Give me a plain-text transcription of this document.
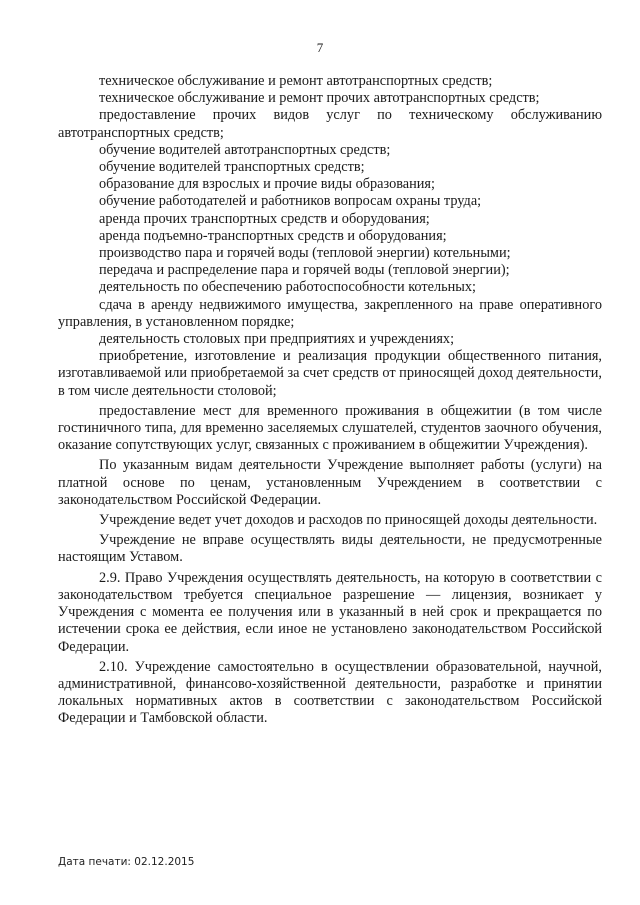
7

техническое обслуживание и ремонт автотранспортных средств;

техническое обслуживание и ремонт прочих автотранспортных средств;

предоставление прочих видов услуг по техническому обслуживанию автотранспортных средств;

обучение водителей автотранспортных средств;

обучение водителей транспортных средств;

образование для взрослых и прочие виды образования;

обучение работодателей и работников вопросам охраны труда;

аренда прочих транспортных средств и оборудования;

аренда подъемно-транспортных средств и оборудования;

производство пара и горячей воды (тепловой энергии) котельными;

передача и распределение пара и горячей воды (тепловой энергии);

деятельность по обеспечению работоспособности котельных;

сдача в аренду недвижимого имущества, закрепленного на праве оперативного управления, в установленном порядке;

деятельность столовых при предприятиях и учреждениях;

приобретение, изготовление и реализация продукции общественного питания, изготавливаемой или приобретаемой за счет средств от приносящей доход деятельности, в том числе деятельности столовой;

предоставление мест для временного проживания в общежитии (в том числе гостиничного типа, для временно заселяемых слушателей, студентов заочного обучения, оказание сопутствующих услуг, связанных с проживанием в общежитии Учреждения).

По указанным видам деятельности Учреждение выполняет работы (услуги) на платной основе по ценам, установленным Учреждением в соответствии с законодательством Российской Федерации.

Учреждение ведет учет доходов и расходов по приносящей доходы деятельности.

Учреждение не вправе осуществлять виды деятельности, не предусмотренные настоящим Уставом.

2.9. Право Учреждения осуществлять деятельность, на которую в соответствии с законодательством требуется специальное разрешение — лицензия, возникает у Учреждения с момента ее получения или в указанный в ней срок и прекращается по истечении срока ее действия, если иное не установлено законодательством Российской Федерации.

2.10. Учреждение самостоятельно в осуществлении образовательной, научной, административной, финансово-хозяйственной деятельности, разработке и принятии локальных нормативных актов в соответствии с законодательством Российской Федерации и Тамбовской области.

Дата печати: 02.12.2015
